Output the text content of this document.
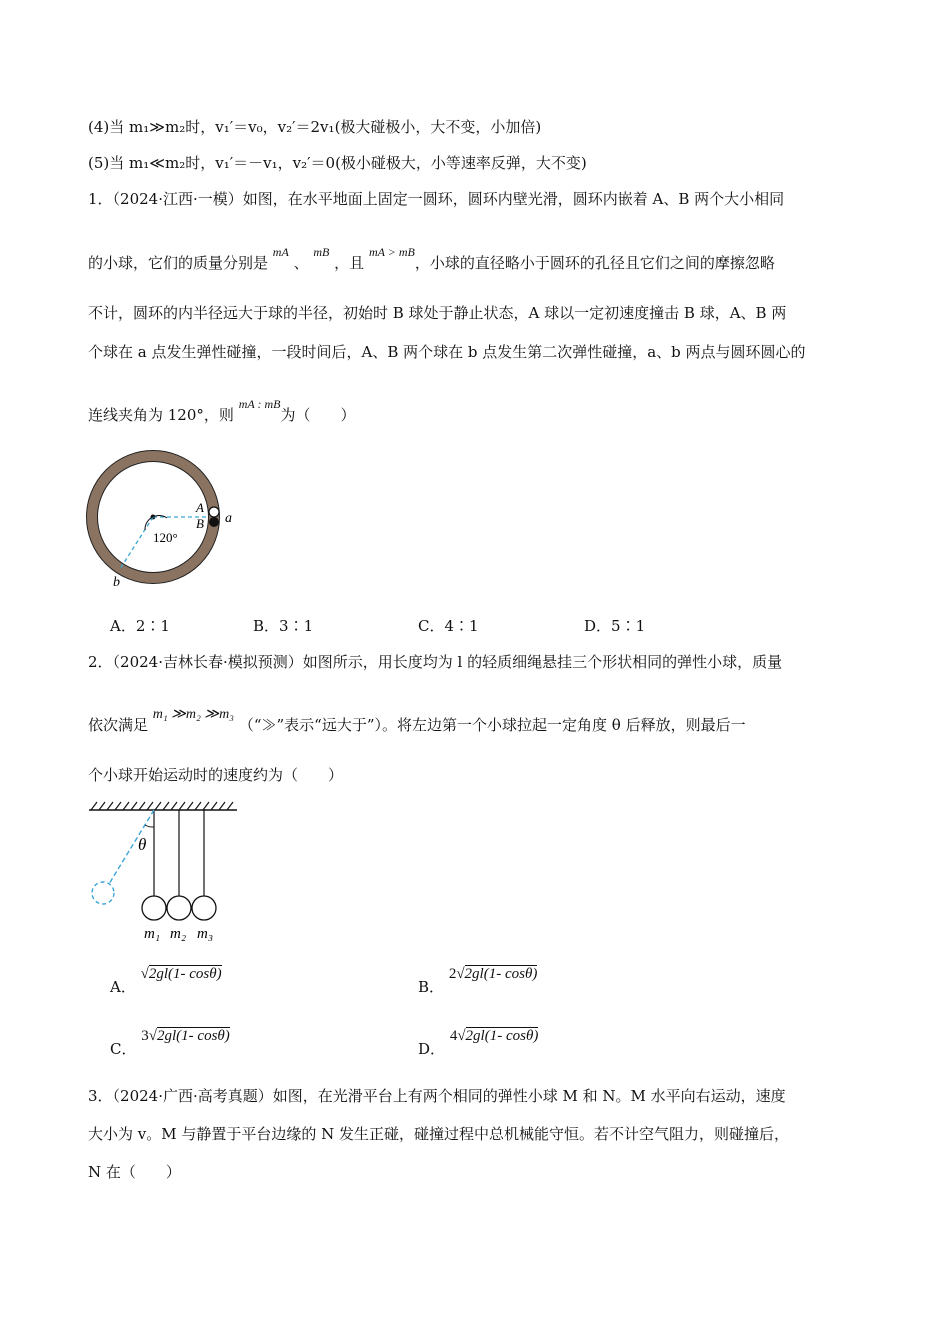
(4)当 m₁≫m₂时，v₁′＝v₀，v₂′＝2v₁(极大碰极小，大不变，小加倍)
(5)当 m₁≪m₂时，v₁′＝－v₁，v₂′＝0(极小碰极大，小等速率反弹，大不变)
1．（2024·江西·一模）如图，在水平地面上固定一圆环，圆环内壁光滑，圆环内嵌着 A、B 两个大小相同
的小球，它们的质量分别是 $^{mA}$ 、 $^{mB}$ ，且 $^{mA > mB}$，小球的直径略小于圆环的孔径且它们之间的摩擦忽略
不计，圆环的内半径远大于球的半径，初始时 B 球处于静止状态，A 球以一定初速度撞击 B 球，A、B 两
个球在 a 点发生弹性碰撞，一段时间后，A、B 两个球在 b 点发生第二次弹性碰撞，a、b 两点与圆环圆心的
连线夹角为 120°，则 $^{mA : mB}$为（　　）
120°
A
B a
b
A．2∶1	B．3∶1	C．4∶1	D．5∶1
2．（2024·吉林长春·模拟预测）如图所示，用长度均为 l 的轻质细绳悬挂三个形状相同的弹性小球，质量
依次满足 m₁ ≫m₂ ≫m₃ （“≫”表示“远大于”）。将左边第一个小球拉起一定角度 θ 后释放，则最后一
个小球开始运动时的速度约为（　　）
θ
m₁ m₂ m₃
A． √2gl(1- cosθ)
B． 2√2gl(1- cosθ)
C． 3√2gl(1- cosθ)
D． 4√2gl(1- cosθ)
3．（2024·广西·高考真题）如图，在光滑平台上有两个相同的弹性小球 M 和 N。M 水平向右运动，速度
大小为 v。M 与静置于平台边缘的 N 发生正碰，碰撞过程中总机械能守恒。若不计空气阻力，则碰撞后，
N 在（　　）
